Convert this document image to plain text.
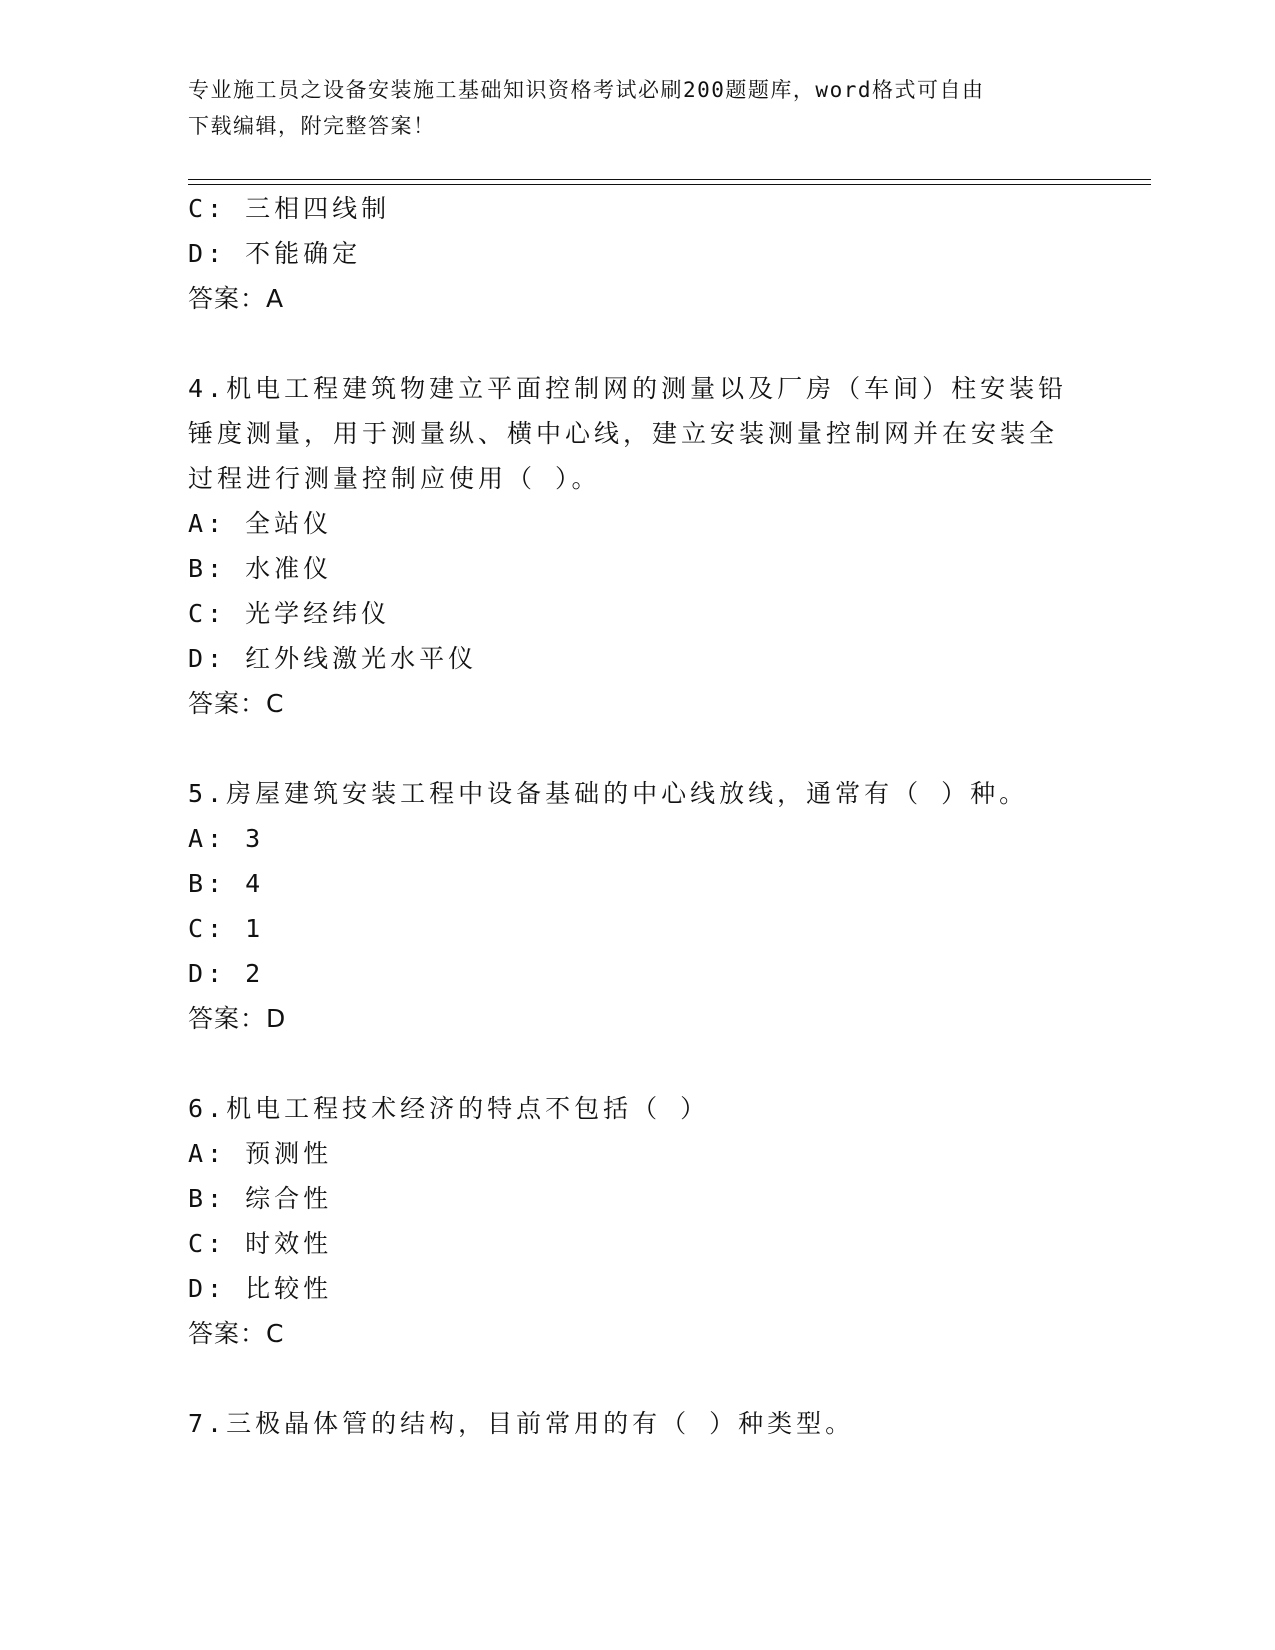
专业施工员之设备安装施工基础知识资格考试必刷200题题库，word格式可自由
下载编辑，附完整答案！
C: 三相四线制
D: 不能确定
答案：A
4.机电工程建筑物建立平面控制网的测量以及厂房（车间）柱安装铅
锤度测量，用于测量纵、横中心线，建立安装测量控制网并在安装全
过程进行测量控制应使用（ ）。
A: 全站仪
B: 水准仪
C: 光学经纬仪
D: 红外线激光水平仪
答案：C
5.房屋建筑安装工程中设备基础的中心线放线，通常有（ ）种。
A: 3
B: 4
C: 1
D: 2
答案：D
6.机电工程技术经济的特点不包括（ ）
A: 预测性
B: 综合性
C: 时效性
D: 比较性
答案：C
7.三极晶体管的结构，目前常用的有（ ）种类型。
